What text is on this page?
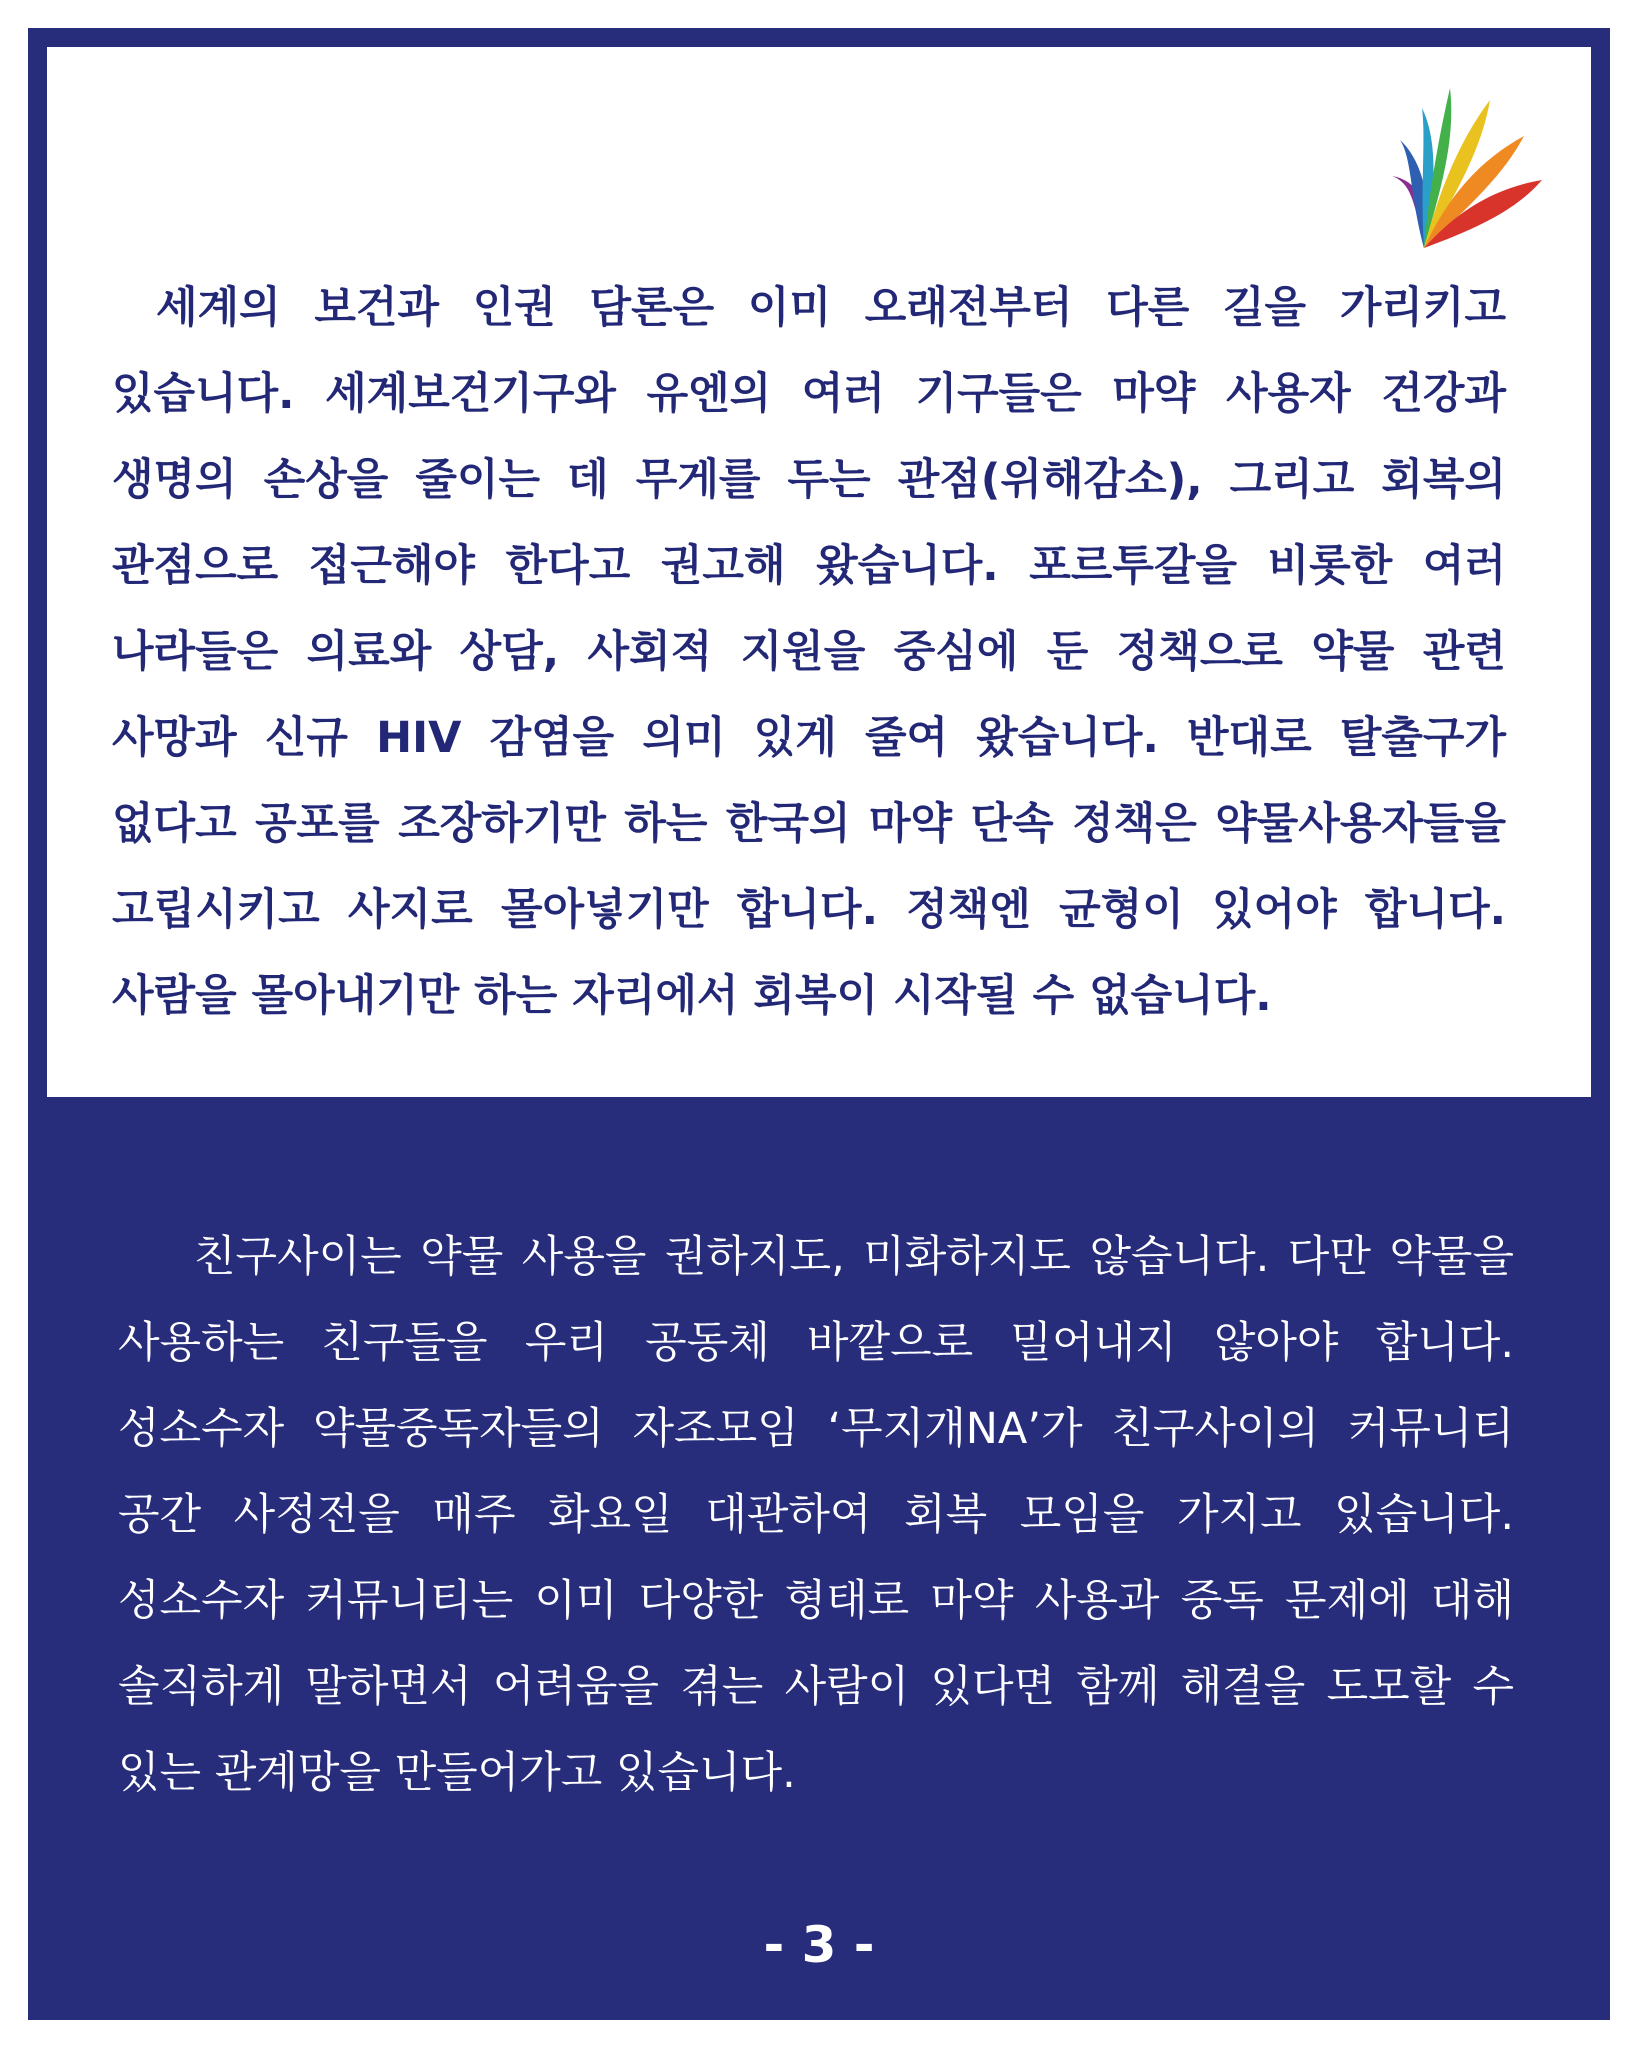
세계의 보건과 인권 담론은 이미 오래전부터 다른 길을 가리키고 있습니다. 세계보건기구와 유엔의 여러 기구들은 마약 사용자 건강과 생명의 손상을 줄이는 데 무게를 두는 관점(위해감소), 그리고 회복의 관점으로 접근해야 한다고 권고해 왔습니다. 포르투갈을 비롯한 여러 나라들은 의료와 상담, 사회적 지원을 중심에 둔 정책으로 약물 관련 사망과 신규 HIV 감염을 의미 있게 줄여 왔습니다. 반대로 탈출구가 없다고 공포를 조장하기만 하는 한국의 마약 단속 정책은 약물사용자들을 고립시키고 사지로 몰아넣기만 합니다. 정책엔 균형이 있어야 합니다. 사람을 몰아내기만 하는 자리에서 회복이 시작될 수 없습니다.

친구사이는 약물 사용을 권하지도, 미화하지도 않습니다. 다만 약물을 사용하는 친구들을 우리 공동체 바깥으로 밀어내지 않아야 합니다. 성소수자 약물중독자들의 자조모임 ‘무지개NA’가 친구사이의 커뮤니티 공간 사정전을 매주 화요일 대관하여 회복 모임을 가지고 있습니다. 성소수자 커뮤니티는 이미 다양한 형태로 마약 사용과 중독 문제에 대해 솔직하게 말하면서 어려움을 겪는 사람이 있다면 함께 해결을 도모할 수 있는 관계망을 만들어가고 있습니다.

- 3 -
